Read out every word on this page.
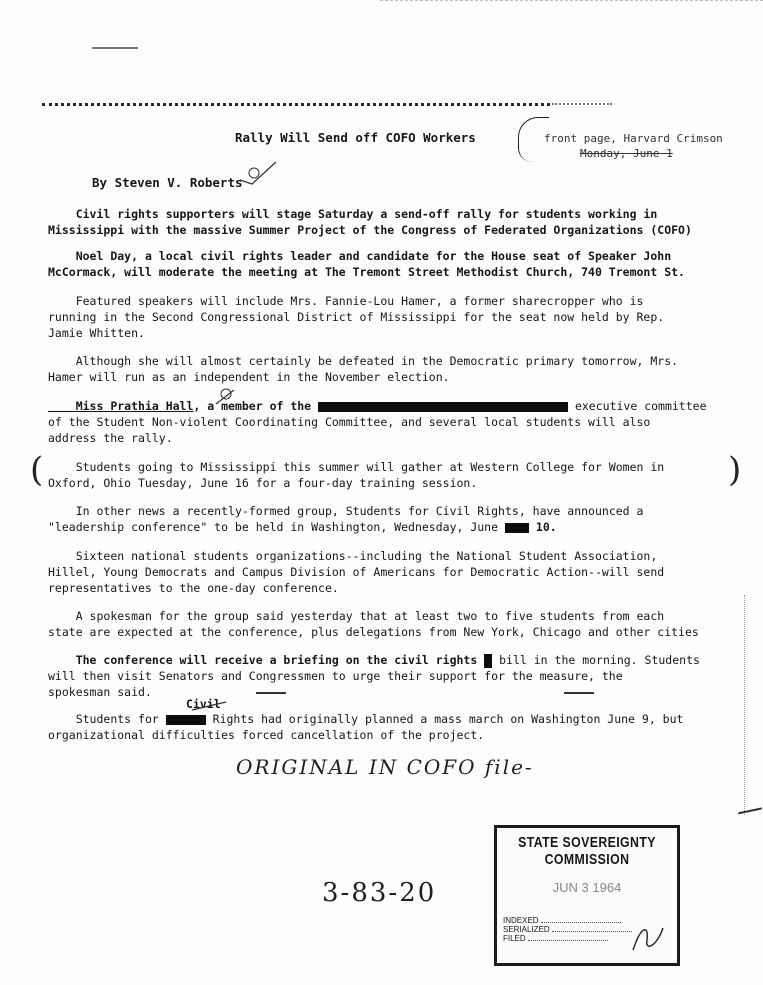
Rally Will Send off COFO Workers	front page, Harvard Crimson
Monday, June 1
By Steven V. Roberts
Civil rights supporters will stage Saturday a send-off rally for students working in
Mississippi with the massive Summer Project of the Congress of Federated Organizations (COFO)
Noel Day, a local civil rights leader and candidate for the House seat of Speaker John
McCormack, will moderate the meeting at The Tremont Street Methodist Church, 740 Tremont St.
Featured speakers will include Mrs. Fannie-Lou Hamer, a former sharecropper who is
running in the Second Congressional District of Mississippi for the seat now held by Rep.
Jamie Whitten.
Although she will almost certainly be defeated in the Democratic primary tomorrow, Mrs.
Hamer will run as an independent in the November election.
Miss Prathia Hall, a member of the	executive committee
of the Student Non-violent Coordinating Committee, and several local students will also
address the rally.
(	)
Students going to Mississippi this summer will gather at Western College for Women in
Oxford, Ohio Tuesday, June 16 for a four-day training session.
In other news a recently-formed group, Students for Civil Rights, have announced a
"leadership conference" to be held in Washington, Wednesday, June	10.
Sixteen national students organizations--including the National Student Association,
Hillel, Young Democrats and Campus Division of Americans for Democratic Action--will send
representatives to the one-day conference.
A spokesman for the group said yesterday that at least two to five students from each
state are expected at the conference, plus delegations from New York, Chicago and other cities
The conference will receive a briefing on the civil rights  bill in the morning. Students
will then visit Senators and Congressmen to urge their support for the measure, the
spokesman said.
Civil
Students for	Rights had originally planned a mass march on Washington June 9, but
organizational difficulties forced cancellation of the project.
ORIGINAL IN COFO file-
3-83-20
STATE SOVEREIGNTY COMMISSION
JUN 3 1964
INDEXED
SERIALIZED
FILED
